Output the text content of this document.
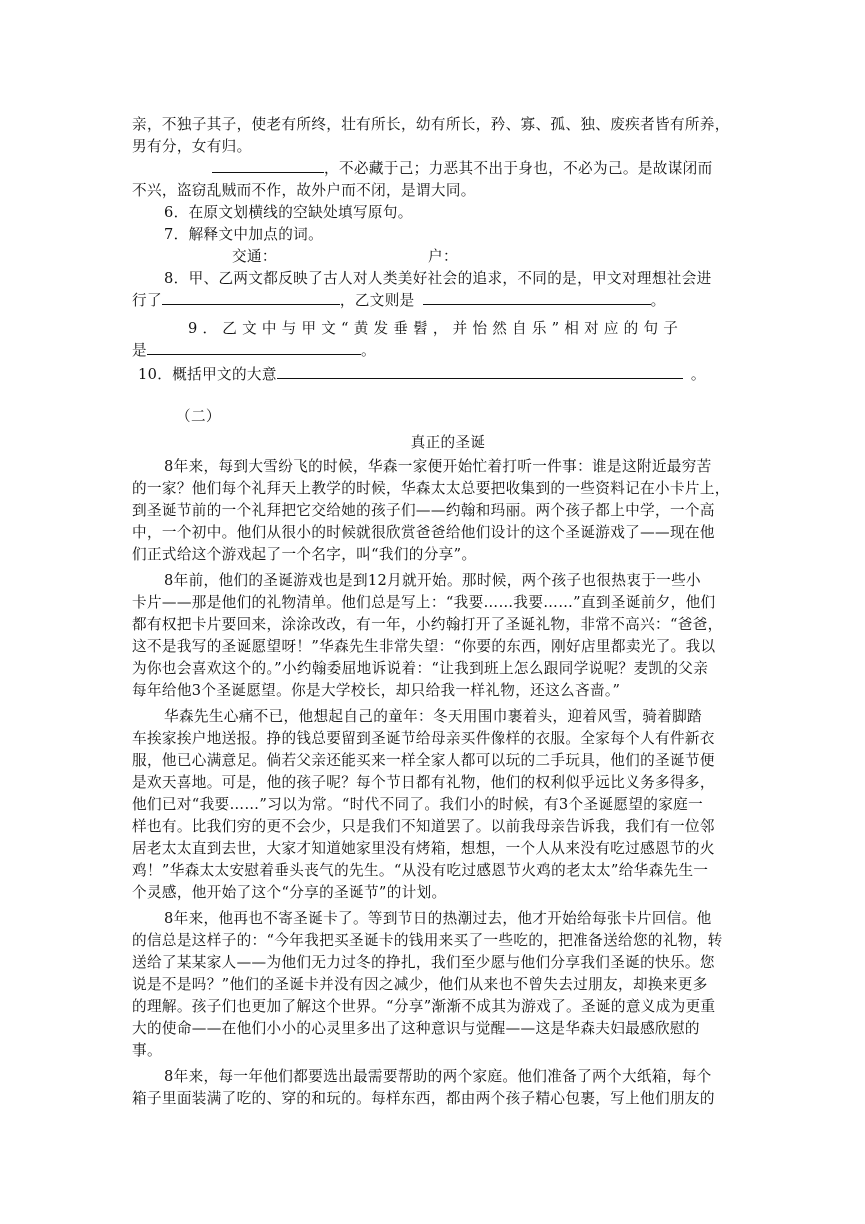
亲，不独子其子，使老有所终，壮有所长，幼有所长，矜、寡、孤、独、废疾者皆有所养，
男有分，女有归。
，不必藏于己；力恶其不出于身也，不必为己。是故谋闭而
不兴，盗窃乱贼而不作，故外户而不闭，是谓大同。
6．在原文划横线的空缺处填写原句。
7．解释文中加点的词。
交通：	户：
8．甲、乙两文都反映了古人对人类美好社会的追求，不同的是，甲文对理想社会进
行了	，乙文则是	。
9．乙文中与甲文“黄发垂髫，并怡然自乐”相对应的句子
是	。
10．概括甲文的大意	。
（二）
真正的圣诞
8年来，每到大雪纷飞的时候，华森一家便开始忙着打听一件事：谁是这附近最穷苦
的一家？他们每个礼拜天上教学的时候，华森太太总要把收集到的一些资料记在小卡片上，
到圣诞节前的一个礼拜把它交给她的孩子们——约翰和玛丽。两个孩子都上中学，一个高
中，一个初中。他们从很小的时候就很欣赏爸爸给他们设计的这个圣诞游戏了——现在他
们正式给这个游戏起了一个名字，叫“我们的分享”。
8年前，他们的圣诞游戏也是到12月就开始。那时候，两个孩子也很热衷于一些小
卡片——那是他们的礼物清单。他们总是写上：“我要……我要……”直到圣诞前夕，他们
都有权把卡片要回来，涂涂改改，有一年，小约翰打开了圣诞礼物，非常不高兴：“爸爸，
这不是我写的圣诞愿望呀！”华森先生非常失望：“你要的东西，刚好店里都卖光了。我以
为你也会喜欢这个的。”小约翰委屈地诉说着：“让我到班上怎么跟同学说呢？麦凯的父亲
每年给他3个圣诞愿望。你是大学校长，却只给我一样礼物，还这么吝啬。”
华森先生心痛不已，他想起自己的童年：冬天用围巾裹着头，迎着风雪，骑着脚踏
车挨家挨户地送报。挣的钱总要留到圣诞节给母亲买件像样的衣服。全家每个人有件新衣
服，他已心满意足。倘若父亲还能买来一样全家人都可以玩的二手玩具，他们的圣诞节便
是欢天喜地。可是，他的孩子呢？每个节日都有礼物，他们的权利似乎远比义务多得多，
他们已对“我要……”习以为常。“时代不同了。我们小的时候，有3个圣诞愿望的家庭一
样也有。比我们穷的更不会少，只是我们不知道罢了。以前我母亲告诉我，我们有一位邻
居老太太直到去世，大家才知道她家里没有烤箱，想想，一个人从来没有吃过感恩节的火
鸡！”华森太太安慰着垂头丧气的先生。“从没有吃过感恩节火鸡的老太太”给华森先生一
个灵感，他开始了这个“分享的圣诞节”的计划。
8年来，他再也不寄圣诞卡了。等到节日的热潮过去，他才开始给每张卡片回信。他
的信总是这样子的：“今年我把买圣诞卡的钱用来买了一些吃的，把准备送给您的礼物，转
送给了某某家人——为他们无力过冬的挣扎，我们至少愿与他们分享我们圣诞的快乐。您
说是不是吗？”他们的圣诞卡并没有因之减少，他们从来也不曾失去过朋友，却换来更多
的理解。孩子们也更加了解这个世界。“分享”渐渐不成其为游戏了。圣诞的意义成为更重
大的使命——在他们小小的心灵里多出了这种意识与觉醒——这是华森夫妇最感欣慰的
事。
8年来，每一年他们都要选出最需要帮助的两个家庭。他们准备了两个大纸箱，每个
箱子里面装满了吃的、穿的和玩的。每样东西，都由两个孩子精心包裹，写上他们朋友的
